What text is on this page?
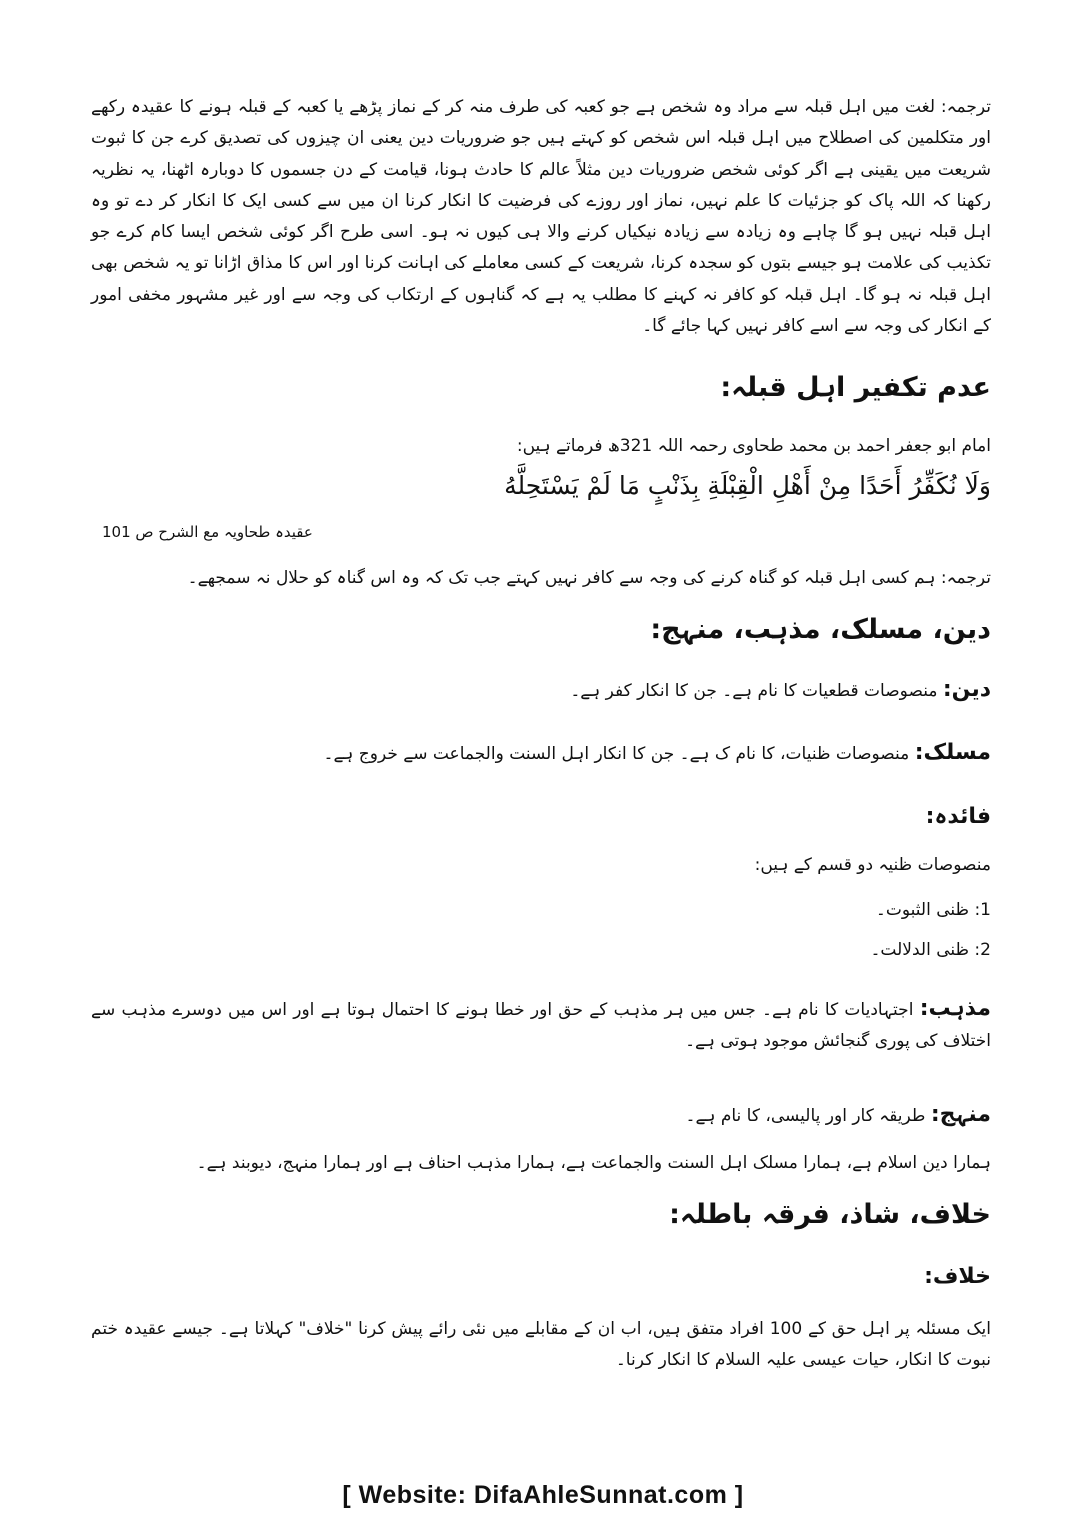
ترجمہ: لغت میں اہل قبلہ سے مراد وہ شخص ہے جو کعبہ کی طرف منہ کر کے نماز پڑھے یا کعبہ کے قبلہ ہونے کا عقیدہ رکھے اور متکلمین کی اصطلاح میں اہل قبلہ اس شخص کو کہتے ہیں جو ضروریات دین یعنی ان چیزوں کی تصدیق کرے جن کا ثبوت شریعت میں یقینی ہے اگر کوئی شخص ضروریات دین مثلاً عالم کا حادث ہونا، قیامت کے دن جسموں کا دوبارہ اٹھنا، یہ نظریہ رکھنا کہ اللہ پاک کو جزئیات کا علم نہیں، نماز اور روزے کی فرضیت کا انکار کرنا ان میں سے کسی ایک کا انکار کر دے تو وہ اہل قبلہ نہیں ہو گا چاہے وہ زیادہ سے زیادہ نیکیاں کرنے والا ہی کیوں نہ ہو۔ اسی طرح اگر کوئی شخص ایسا کام کرے جو تکذیب کی علامت ہو جیسے بتوں کو سجدہ کرنا، شریعت کے کسی معاملے کی اہانت کرنا اور اس کا مذاق اڑانا تو یہ شخص بھی اہل قبلہ نہ ہو گا۔ اہل قبلہ کو کافر نہ کہنے کا مطلب یہ ہے کہ گناہوں کے ارتکاب کی وجہ سے اور غیر مشہور مخفی امور کے انکار کی وجہ سے اسے کافر نہیں کہا جائے گا۔

عدم تکفیر اہل قبلہ:
امام ابو جعفر احمد بن محمد طحاوی رحمہ اللہ 321ھ فرماتے ہیں:
وَلَا نُكَفِّرُ أَحَدًا مِنْ أَهْلِ الْقِبْلَةِ بِذَنْبٍ مَا لَمْ يَسْتَحِلَّهُ
عقیدہ طحاویہ مع الشرح ص 101
ترجمہ: ہم کسی اہل قبلہ کو گناہ کرنے کی وجہ سے کافر نہیں کہتے جب تک کہ وہ اس گناہ کو حلال نہ سمجھے۔
دین، مسلک، مذہب، منہج:
دین: منصوصات قطعیات کا نام ہے۔ جن کا انکار کفر ہے۔
مسلک: منصوصات ظنیات، کا نام ک ہے۔ جن کا انکار اہل السنت والجماعت سے خروج ہے۔
فائدہ:
منصوصات ظنیہ دو قسم کے ہیں:
1: ظنی الثبوت۔
2: ظنی الدلالت۔
مذہب: اجتہادیات کا نام ہے۔ جس میں ہر مذہب کے حق اور خطا ہونے کا احتمال ہوتا ہے اور اس میں دوسرے مذہب سے اختلاف کی پوری گنجائش موجود ہوتی ہے۔
منہج: طریقہ کار اور پالیسی، کا نام ہے۔
ہمارا دین اسلام ہے، ہمارا مسلک اہل السنت والجماعت ہے، ہمارا مذہب احناف ہے اور ہمارا منہج، دیوبند ہے۔
خلاف، شاذ، فرقہ باطلہ:
خلاف:

ایک مسئلہ پر اہل حق کے 100 افراد متفق ہیں، اب ان کے مقابلے میں نئی رائے پیش کرنا "خلاف" کہلاتا ہے۔ جیسے عقیدہ ختم نبوت کا انکار، حیات عیسی علیہ السلام کا انکار کرنا۔

[ Website: DifaAhleSunnat.com ]
